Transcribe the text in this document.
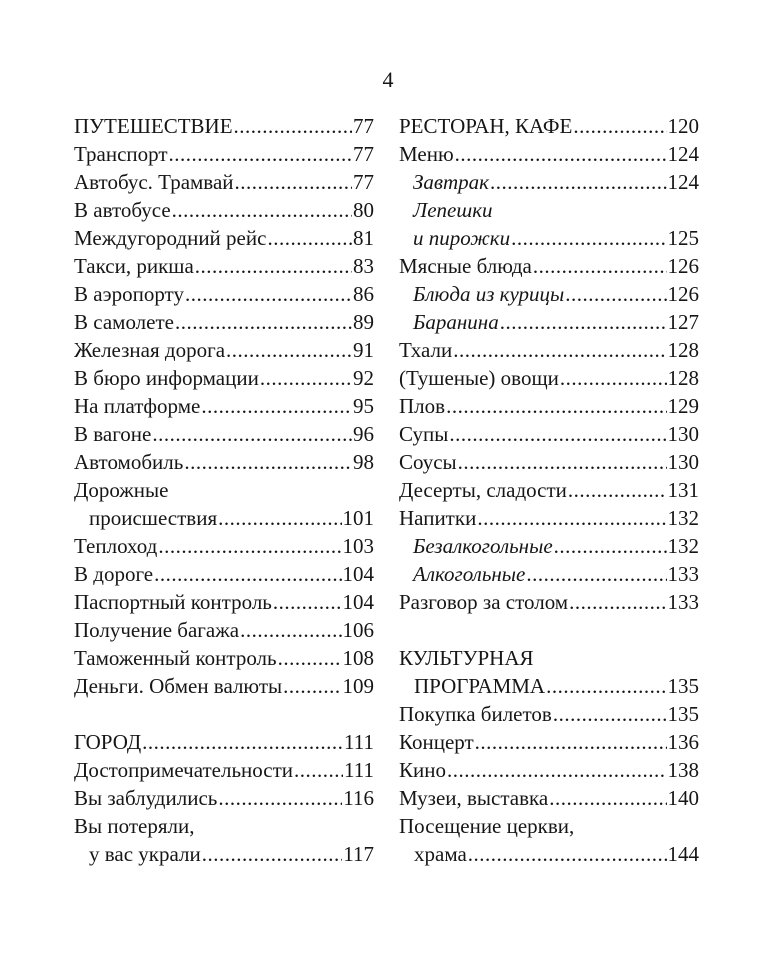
4
ПУТЕШЕСТВИЕ .....	77
Транспорт .....	77
Автобус. Трамвай .....	77
В автобусе .....	80
Междугородний рейс .....	81
Такси, рикша .....	83
В аэропорту .....	86
В самолете .....	89
Железная дорога .....	91
В бюро информации .....	92
На платформе .....	95
В вагоне .....	96
Автомобиль .....	98
Дорожные
происшествия .....	101
Теплоход .....	103
В дороге .....	104
Паспортный контроль .....	104
Получение багажа .....	106
Таможенный контроль .....	108
Деньги. Обмен валюты .....	109
ГОРОД .....	111
Достопримечательности ..... 111
Вы заблудились .....	116
Вы потеряли,
у вас украли .....	117
РЕСТОРАН, КАФЕ .....	120
Меню .....	124
Завтрак .....	124
Лепешки
и пирожки .....	125
Мясные блюда .....	126
Блюда из курицы .....	126
Баранина .....	127
Тхали .....	128
(Тушеные) овощи .....	128
Плов .....	129
Супы .....	130
Соусы .....	130
Десерты, сладости .....	131
Напитки .....	132
Безалкогольные .....	132
Алкогольные .....	133
Разговор за столом .....	133
КУЛЬТУРНАЯ
ПРОГРАММА .....	135
Покупка билетов .....	135
Концерт .....	136
Кино .....	138
Музеи, выставка .....	140
Посещение церкви,
храма .....	144
